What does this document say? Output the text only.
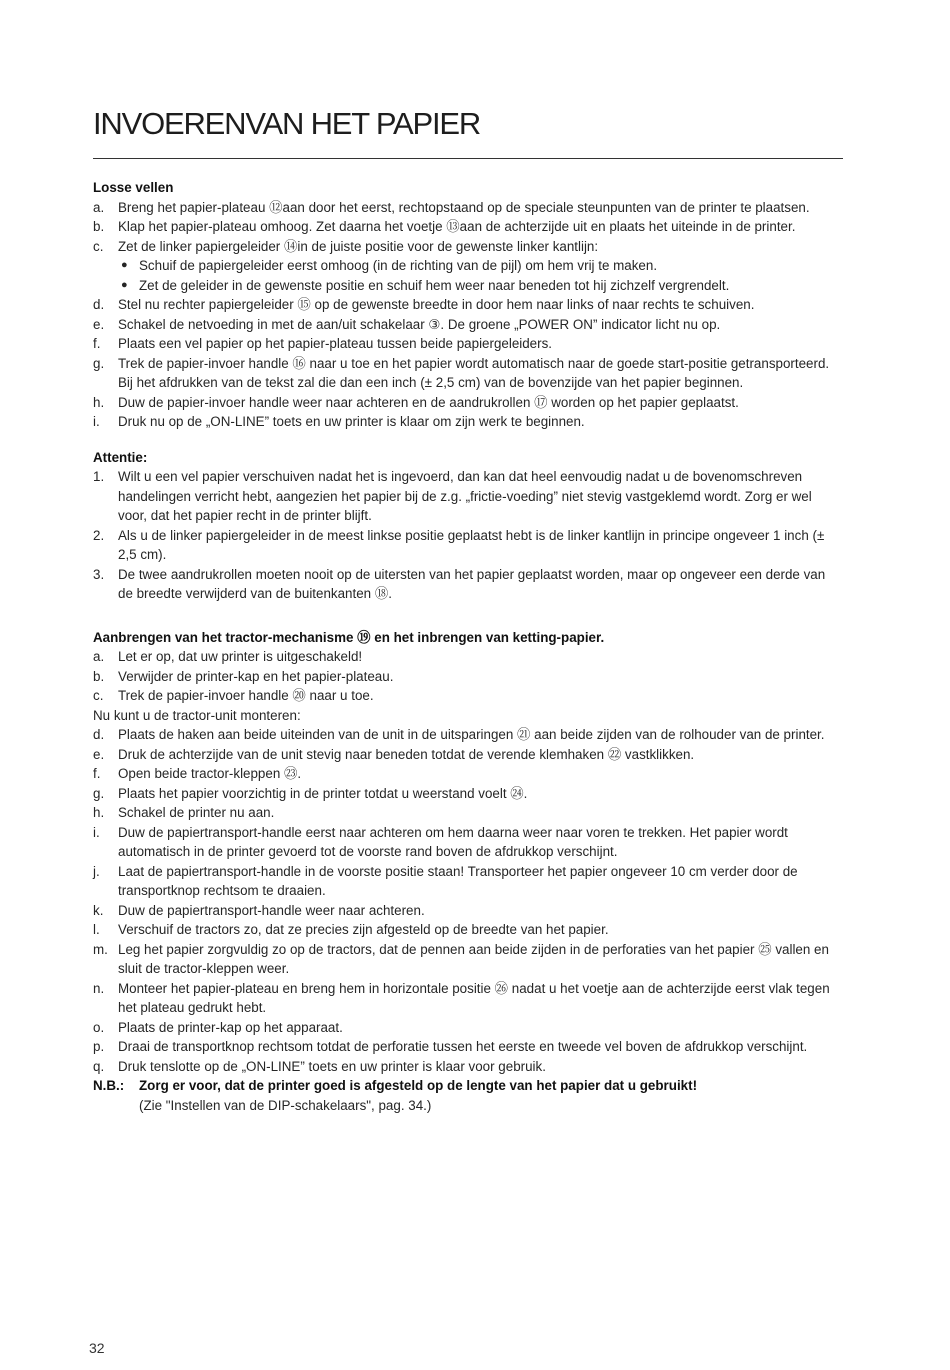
INVOERENVAN HET PAPIER

Losse vellen

a. Breng het papier-plateau ⑫aan door het eerst, rechtopstaand op de speciale steunpunten van de printer te plaatsen.

b. Klap het papier-plateau omhoog. Zet daarna het voetje ⑬aan de achterzijde uit en plaats het uiteinde in de printer.

c. Zet de linker papiergeleider ⑭in de juiste positie voor de gewenste linker kantlijn:

● Schuif de papiergeleider eerst omhoog (in de richting van de pijl) om hem vrij te maken.

● Zet de geleider in de gewenste positie en schuif hem weer naar beneden tot hij zichzelf vergrendelt.

d. Stel nu rechter papiergeleider ⑮ op de gewenste breedte in door hem naar links of naar rechts te schuiven.

e. Schakel de netvoeding in met de aan/uit schakelaar ③. De groene „POWER ON” indicator licht nu op.

f. Plaats een vel papier op het papier-plateau tussen beide papiergeleiders.

g. Trek de papier-invoer handle ⑯ naar u toe en het papier wordt automatisch naar de goede start-positie getransporteerd. Bij het afdrukken van de tekst zal die dan een inch (± 2,5 cm) van de bovenzijde van het papier beginnen.

h. Duw de papier-invoer handle weer naar achteren en de aandrukrollen ⑰ worden op het papier geplaatst.

i. Druk nu op de „ON-LINE” toets en uw printer is klaar om zijn werk te beginnen.

Attentie:

1. Wilt u een vel papier verschuiven nadat het is ingevoerd, dan kan dat heel eenvoudig nadat u de bovenomschreven handelingen verricht hebt, aangezien het papier bij de z.g. „frictie-voeding” niet stevig vastgeklemd wordt. Zorg er wel voor, dat het papier recht in de printer blijft.

2. Als u de linker papiergeleider in de meest linkse positie geplaatst hebt is de linker kantlijn in principe ongeveer 1 inch (± 2,5 cm).

3. De twee aandrukrollen moeten nooit op de uitersten van het papier geplaatst worden, maar op ongeveer een derde van de breedte verwijderd van de buitenkanten ⑱.

Aanbrengen van het tractor-mechanisme ⑲ en het inbrengen van ketting-papier.

a. Let er op, dat uw printer is uitgeschakeld!

b. Verwijder de printer-kap en het papier-plateau.

c. Trek de papier-invoer handle ⑳ naar u toe.

Nu kunt u de tractor-unit monteren:

d. Plaats de haken aan beide uiteinden van de unit in de uitsparingen ㉑ aan beide zijden van de rolhouder van de printer.

e. Druk de achterzijde van de unit stevig naar beneden totdat de verende klemhaken ㉒ vastklikken.

f. Open beide tractor-kleppen ㉓.

g. Plaats het papier voorzichtig in de printer totdat u weerstand voelt ㉔.

h. Schakel de printer nu aan.

i. Duw de papiertransport-handle eerst naar achteren om hem daarna weer naar voren te trekken. Het papier wordt automatisch in de printer gevoerd tot de voorste rand boven de afdrukkop verschijnt.

j. Laat de papiertransport-handle in de voorste positie staan! Transporteer het papier ongeveer 10 cm verder door de transportknop rechtsom te draaien.

k. Duw de papiertransport-handle weer naar achteren.

l. Verschuif de tractors zo, dat ze precies zijn afgesteld op de breedte van het papier.

m. Leg het papier zorgvuldig zo op de tractors, dat de pennen aan beide zijden in de perforaties van het papier ㉕ vallen en sluit de tractor-kleppen weer.

n. Monteer het papier-plateau en breng hem in horizontale positie ㉖ nadat u het voetje aan de achterzijde eerst vlak tegen het plateau gedrukt hebt.

o. Plaats de printer-kap op het apparaat.

p. Draai de transportknop rechtsom totdat de perforatie tussen het eerste en tweede vel boven de afdrukkop verschijnt.

q. Druk tenslotte op de „ON-LINE” toets en uw printer is klaar voor gebruik.

N.B.: Zorg er voor, dat de printer goed is afgesteld op de lengte van het papier dat u gebruikt!

(Zie "Instellen van de DIP-schakelaars", pag. 34.)

32
